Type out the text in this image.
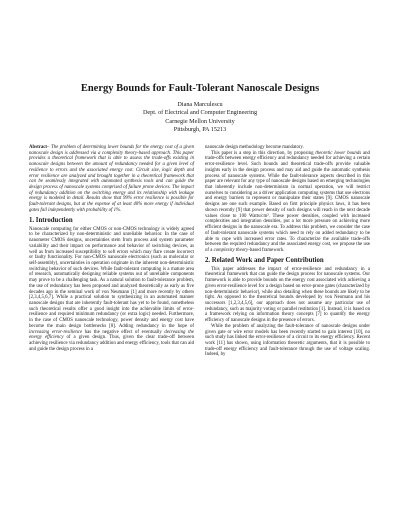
Energy Bounds for Fault-Tolerant Nanoscale Designs
Diana Marculescu
Dept. of Electrical and Computer Engineering
Carnegie Mellon University
Pittsburgh, PA 15213

Abstract– The problem of determining lower bounds for the energy cost of a given nanoscale design is addressed via a complexity theory-based approach. This paper provides a theoretical framework that is able to assess the trade-offs existing in nanoscale designs between the amount of redundancy needed for a given level of resilience to errors and the associated energy cost. Circuit size, logic depth and error resilience are analyzed and brought together in a theoretical framework that can be seamlessly integrated with automated synthesis tools and can guide the design process of nanoscale systems comprised of failure prone devices. The impact of redundancy addition on the switching energy and its relationship with leakage energy is modeled in detail. Results show that 99% error resilience is possible for fault-tolerant designs, but at the expense of at least 40% more energy if individual gates fail independently with probability of 1%.

1. Introduction

Nanoscale computing for either CMOS or non-CMOS technology is widely agreed to be characterized by non-deterministic and unreliable behavior. In the case of nanometer CMOS designs, uncertainties stem from process and system parameter variability and their impact on performance and behavior of switching devices, as well as from increased susceptibility to soft errors which may flare create incorrect or faulty functionality. For non-CMOS nanoscale electronics (such as molecular or self-assembly), uncertainties in operation originate in the inherent non-deterministic switching behavior of such devices. While fault-tolerant computing is a mature area of research, automatically designing reliable systems out of unreliable components may prove to be a challenging task. As a natural solution to fault-tolerance problem, the use of redundancy has been proposed and analyzed theoretically as early as five decades ago in the seminal work of von Neumann [1] and more recently by others [2,3,4,5,6,7]. While a practical solution to synthesizing in an automated manner nanoscale designs that are inherently fault-tolerant has yet to be found, nonetheless such theoretical results offer a good insight into the achievable limits of error-resilience and required minimum redundancy (or extra logic) needed. Furthermore, in the case of CMOS nanoscale technology, power density and energy cost have become the main design bottlenecks [8]. Adding redundancy in the hope of increasing error-resilience has the negative effect of eventually decreasing the energy efficiency of a given design. Thus, given the clear trade-off between achieving resilience via redundancy addition and energy efficiency, tools that can aid and guide the design process in a

nanoscale design methodology become mandatory.

This paper is a step in this direction, by proposing theoretic lower bounds and trade-offs between energy efficiency and redundancy needed for achieving a certain error-resilience level. Such bounds and theoretical trade-offs provide valuable insights early in the design process and may aid and guide the automatic synthesis process of nanoscale systems. While the fault-tolerance aspects described in this paper are relevant for any type of nanoscale designs based on emerging technologies that inherently include non-determinism in normal operation, we will restrict ourselves to considering as a driver application computing systems that use electrons and energy barriers to represent or manipulate their states [9]. CMOS nanoscale designs are one such example. Based on first principle physics laws, it has been shown recently [9] that power density of such designs will reach in the next decade values close to 100 Watts/cm². These power densities, coupled with increased complexities and integration densities, put a lot more pressure on achieving more efficient designs in the nanoscale era. To address this problem, we consider the case of fault-tolerant nanoscale systems which need to rely on added redundancy to be able to cope with increased error rates. To characterize the available trade-offs between the required redundancy and the associated energy cost, we propose the use of a complexity theory-based framework.

2. Related Work and Paper Contribution

This paper addresses the impact of error-resilience and redundancy in a theoretical framework that can guide the design process for nanoscale systems. Our framework is able to provide bounds on the energy cost associated with achieving a given error-resilience level for a design based on error-prone gates (characterized by non-deterministic behavior), while also detailing when these bounds are likely to be tight. As opposed to the theoretical bounds developed by von Neumann and his successors [1,2,3,4,5,6], our approach does not assume any particular use of redundancy, such as majority voting or parallel restitution [1]. Instead, it is based on a framework relying on information theory concepts [7] to quantify the energy efficiency of nanoscale designs in the presence of errors.

While the problem of analyzing the fault-tolerance of nanoscale designs under given gate or wire error models has been recently started to gain interest [10], no such study has linked the error-resilience of a circuit to its energy efficiency. Recent work [11] has shown, using information theoretic arguments, that it is possible to trade-off energy efficiency and fault-tolerance through the use of voltage scaling. Indeed, by
